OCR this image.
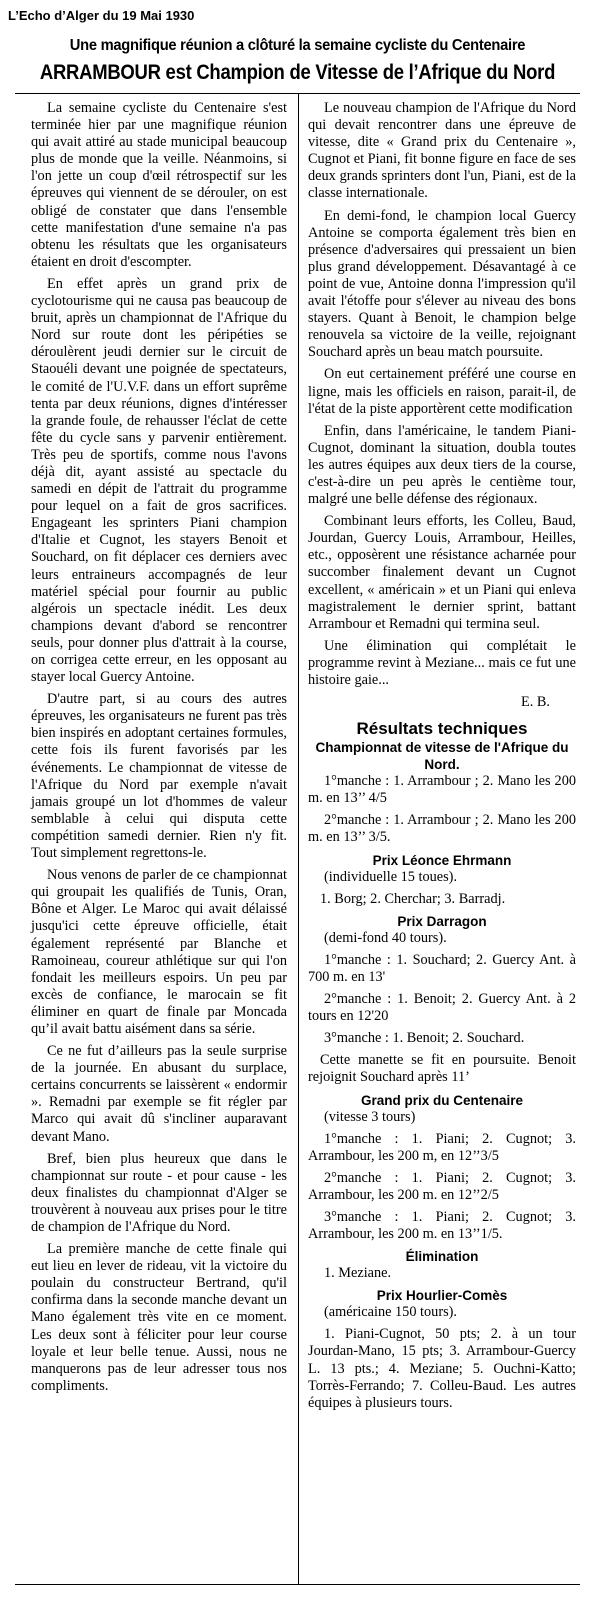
L’Echo d’Alger du 19 Mai 1930
Une magnifique réunion a clôturé la semaine cycliste du Centenaire
ARRAMBOUR est Champion de Vitesse de l’Afrique du Nord

La semaine cycliste du Centenaire s'est terminée hier par une magnifique réunion qui avait attiré au stade municipal beaucoup plus de monde que la veille. Néanmoins, si l'on jette un coup d'œil rétrospectif sur les épreuves qui viennent de se dérouler, on est obligé de constater que dans l'ensemble cette manifestation d'une semaine n'a pas obtenu les résultats que les organisateurs étaient en droit d'escompter.

En effet après un grand prix de cyclotourisme qui ne causa pas beaucoup de bruit, après un championnat de l'Afrique du Nord sur route dont les péripéties se déroulèrent jeudi dernier sur le circuit de Staouéli devant une poignée de spectateurs, le comité de l'U.V.F. dans un effort suprême tenta par deux réunions, dignes d'intéresser la grande foule, de rehausser l'éclat de cette fête du cycle sans y parvenir entièrement. Très peu de sportifs, comme nous l'avons déjà dit, ayant assisté au spectacle du samedi en dépit de l'attrait du programme pour lequel on a fait de gros sacrifices. Engageant les sprinters Piani champion d'Italie et Cugnot, les stayers Benoit et Souchard, on fit déplacer ces derniers avec leurs entraineurs accompagnés de leur matériel spécial pour fournir au public algérois un spectacle inédit. Les deux champions devant d'abord se rencontrer seuls, pour donner plus d'attrait à la course, on corrigea cette erreur, en les opposant au stayer local Guercy Antoine.

D'autre part, si au cours des autres épreuves, les organisateurs ne furent pas très bien inspirés en adoptant certaines formules, cette fois ils furent favorisés par les événements. Le championnat de vitesse de l'Afrique du Nord par exemple n'avait jamais groupé un lot d'hommes de valeur semblable à celui qui disputa cette compétition samedi dernier. Rien n'y fit. Tout simplement regrettons-le.

Nous venons de parler de ce championnat qui groupait les qualifiés de Tunis, Oran, Bône et Alger. Le Maroc qui avait délaissé jusqu'ici cette épreuve officielle, était également représenté par Blanche et Ramoineau, coureur athlétique sur qui l'on fondait les meilleurs espoirs. Un peu par excès de confiance, le marocain se fit éliminer en quart de finale par Moncada qu’il avait battu aisément dans sa série.

Ce ne fut d’ailleurs pas la seule surprise de la journée. En abusant du surplace, certains concurrents se laissèrent « endormir ». Remadni par exemple se fit régler par Marco qui avait dû s'incliner auparavant devant Mano.

Bref, bien plus heureux que dans le championnat sur route - et pour cause - les deux finalistes du championnat d'Alger se trouvèrent à nouveau aux prises pour le titre de champion de l'Afrique du Nord.

La première manche de cette finale qui eut lieu en lever de rideau, vit la victoire du poulain du constructeur Bertrand, qu'il confirma dans la seconde manche devant un Mano également très vite en ce moment. Les deux sont à féliciter pour leur course loyale et leur belle tenue. Aussi, nous ne manquerons pas de leur adresser tous nos compliments.

Le nouveau champion de l'Afrique du Nord qui devait rencontrer dans une épreuve de vitesse, dite « Grand prix du Centenaire », Cugnot et Piani, fit bonne figure en face de ses deux grands sprinters dont l'un, Piani, est de la classe internationale.

En demi-fond, le champion local Guercy Antoine se comporta également très bien en présence d'adversaires qui pressaient un bien plus grand développement. Désavantagé à ce point de vue, Antoine donna l'impression qu'il avait l'étoffe pour s'élever au niveau des bons stayers. Quant à Benoit, le champion belge renouvela sa victoire de la veille, rejoignant Souchard après un beau match poursuite.

On eut certainement préféré une course en ligne, mais les officiels en raison, parait-il, de l'état de la piste apportèrent cette modification

Enfin, dans l'américaine, le tandem Piani-Cugnot, dominant la situation, doubla toutes les autres équipes aux deux tiers de la course, c'est-à-dire un peu après le centième tour, malgré une belle défense des régionaux.

Combinant leurs efforts, les Colleu, Baud, Jourdan, Guercy Louis, Arrambour, Heilles, etc., opposèrent une résistance acharnée pour succomber finalement devant un Cugnot excellent, « américain » et un Piani qui enleva magistralement le dernier sprint, battant Arrambour et Remadni qui termina seul.

Une élimination qui complétait le programme revint à Meziane... mais ce fut une histoire gaie...

E. B.
Résultats techniques
Championnat de vitesse de l'Afrique du Nord.

1°manche : 1. Arrambour ; 2. Mano les 200 m. en 13’’ 4/5

2°manche : 1. Arrambour ; 2. Mano les 200 m. en 13’’ 3/5.

Prix Léonce Ehrmann

(individuelle 15 toues).

1. Borg; 2. Cherchar; 3. Barradj.

Prix Darragon

(demi-fond 40 tours).

1°manche : 1. Souchard; 2. Guercy Ant. à 700 m. en 13'

2°manche : 1. Benoit; 2. Guercy Ant. à 2 tours en 12'20

3°manche : 1. Benoit; 2. Souchard.

Cette manette se fit en poursuite. Benoit rejoignit Souchard après 11’

Grand prix du Centenaire

(vitesse 3 tours)

1°manche : 1. Piani; 2. Cugnot; 3. Arrambour, les 200 m, en 12’’3/5

2°manche : 1. Piani; 2. Cugnot; 3. Arrambour, les 200 m. en 12’’2/5

3°manche : 1. Piani; 2. Cugnot; 3. Arrambour, les 200 m. en 13’’1/5.

Élimination

1. Meziane.

Prix Hourlier-Comès

(américaine 150 tours).

1. Piani-Cugnot, 50 pts; 2. à un tour Jourdan-Mano, 15 pts; 3. Arrambour-Guercy L. 13 pts.; 4. Meziane; 5. Ouchni-Katto; Torrès-Ferrando; 7. Colleu-Baud. Les autres équipes à plusieurs tours.
